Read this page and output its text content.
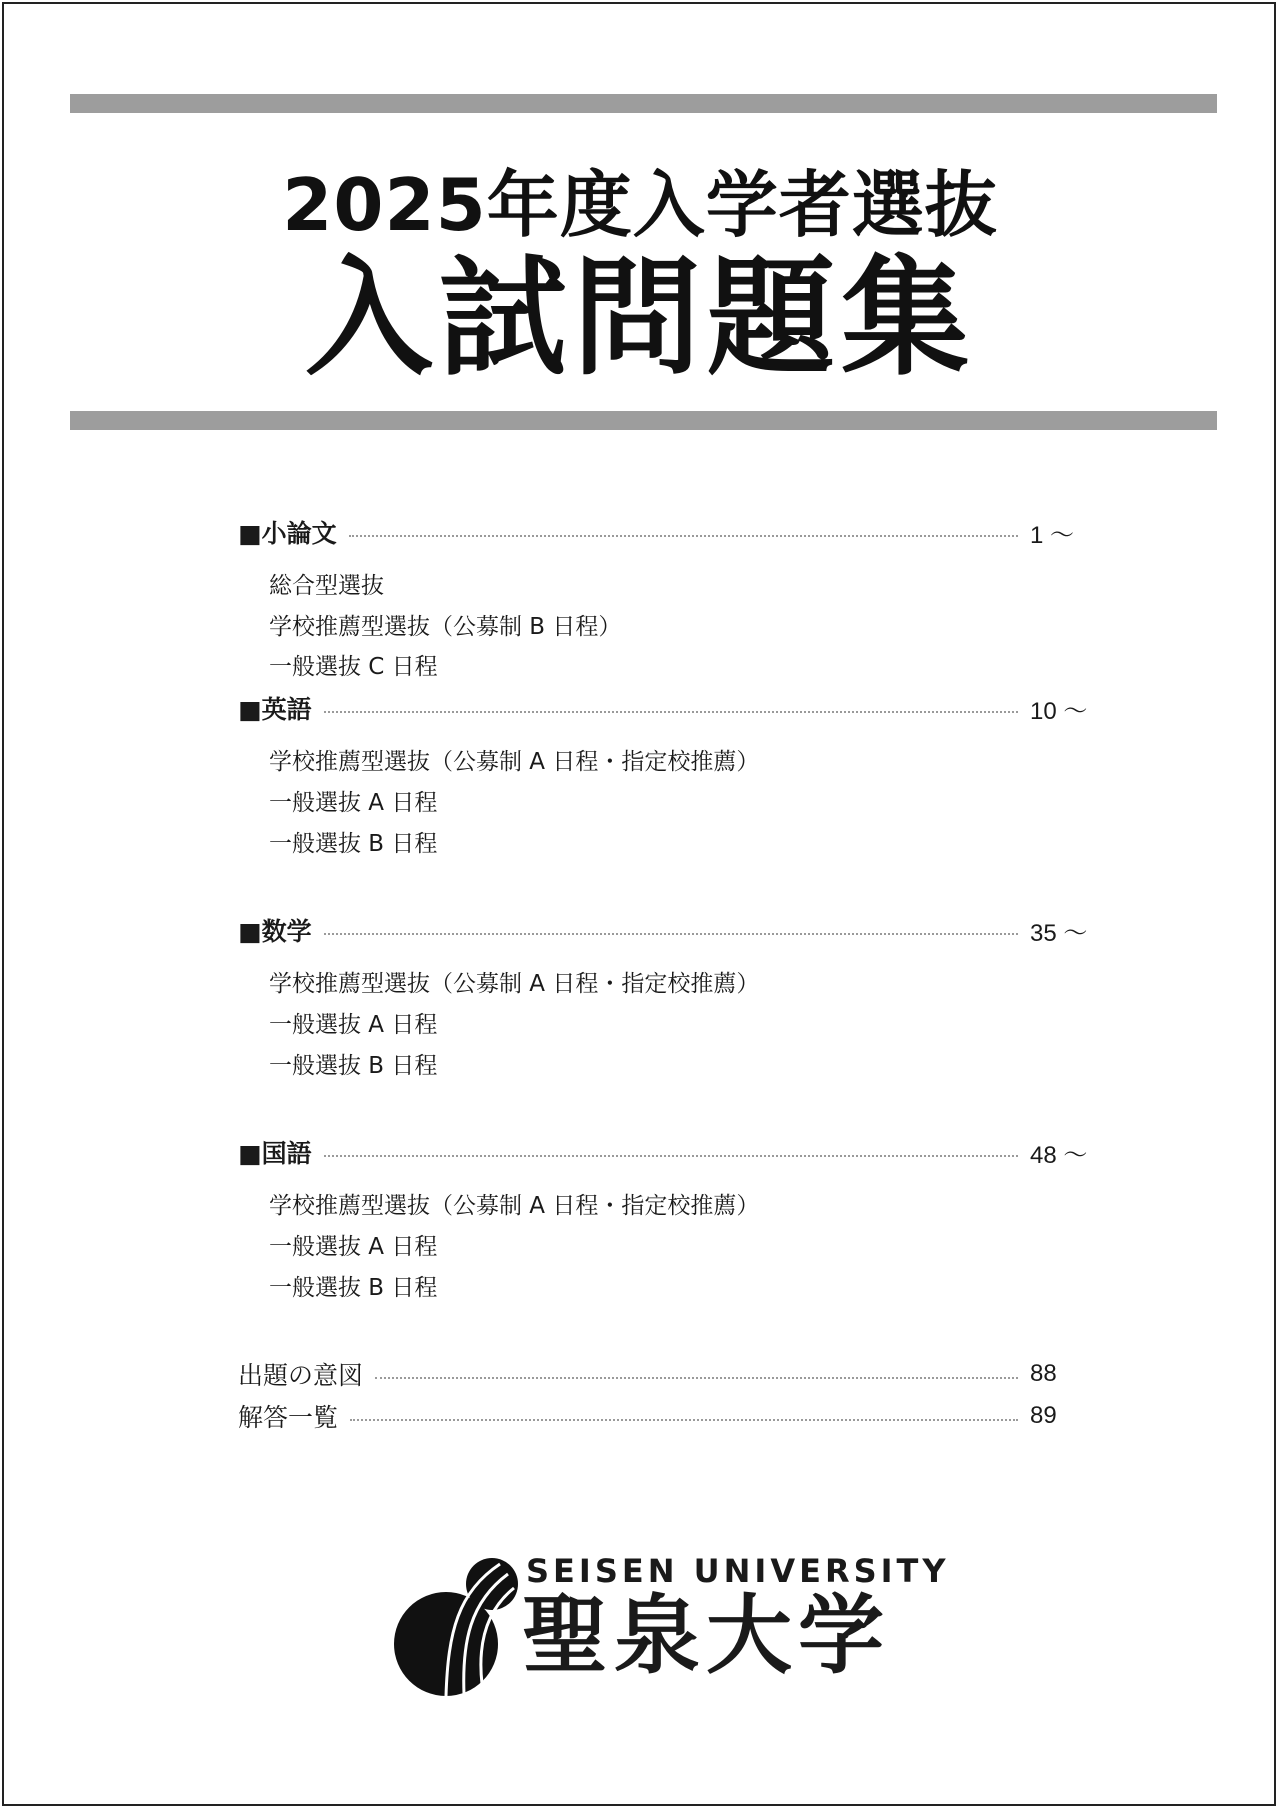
2025年度入学者選抜
入試問題集
■小論文	1 〜
総合型選抜
学校推薦型選抜（公募制 B 日程）
一般選抜 C 日程
■英語	10 〜
学校推薦型選抜（公募制 A 日程・指定校推薦）
一般選抜 A 日程
一般選抜 B 日程
■数学	35 〜
学校推薦型選抜（公募制 A 日程・指定校推薦）
一般選抜 A 日程
一般選抜 B 日程
■国語	48 〜
学校推薦型選抜（公募制 A 日程・指定校推薦）
一般選抜 A 日程
一般選抜 B 日程
出題の意図	88
解答一覧	89
SEISEN UNIVERSITY
聖泉大学
